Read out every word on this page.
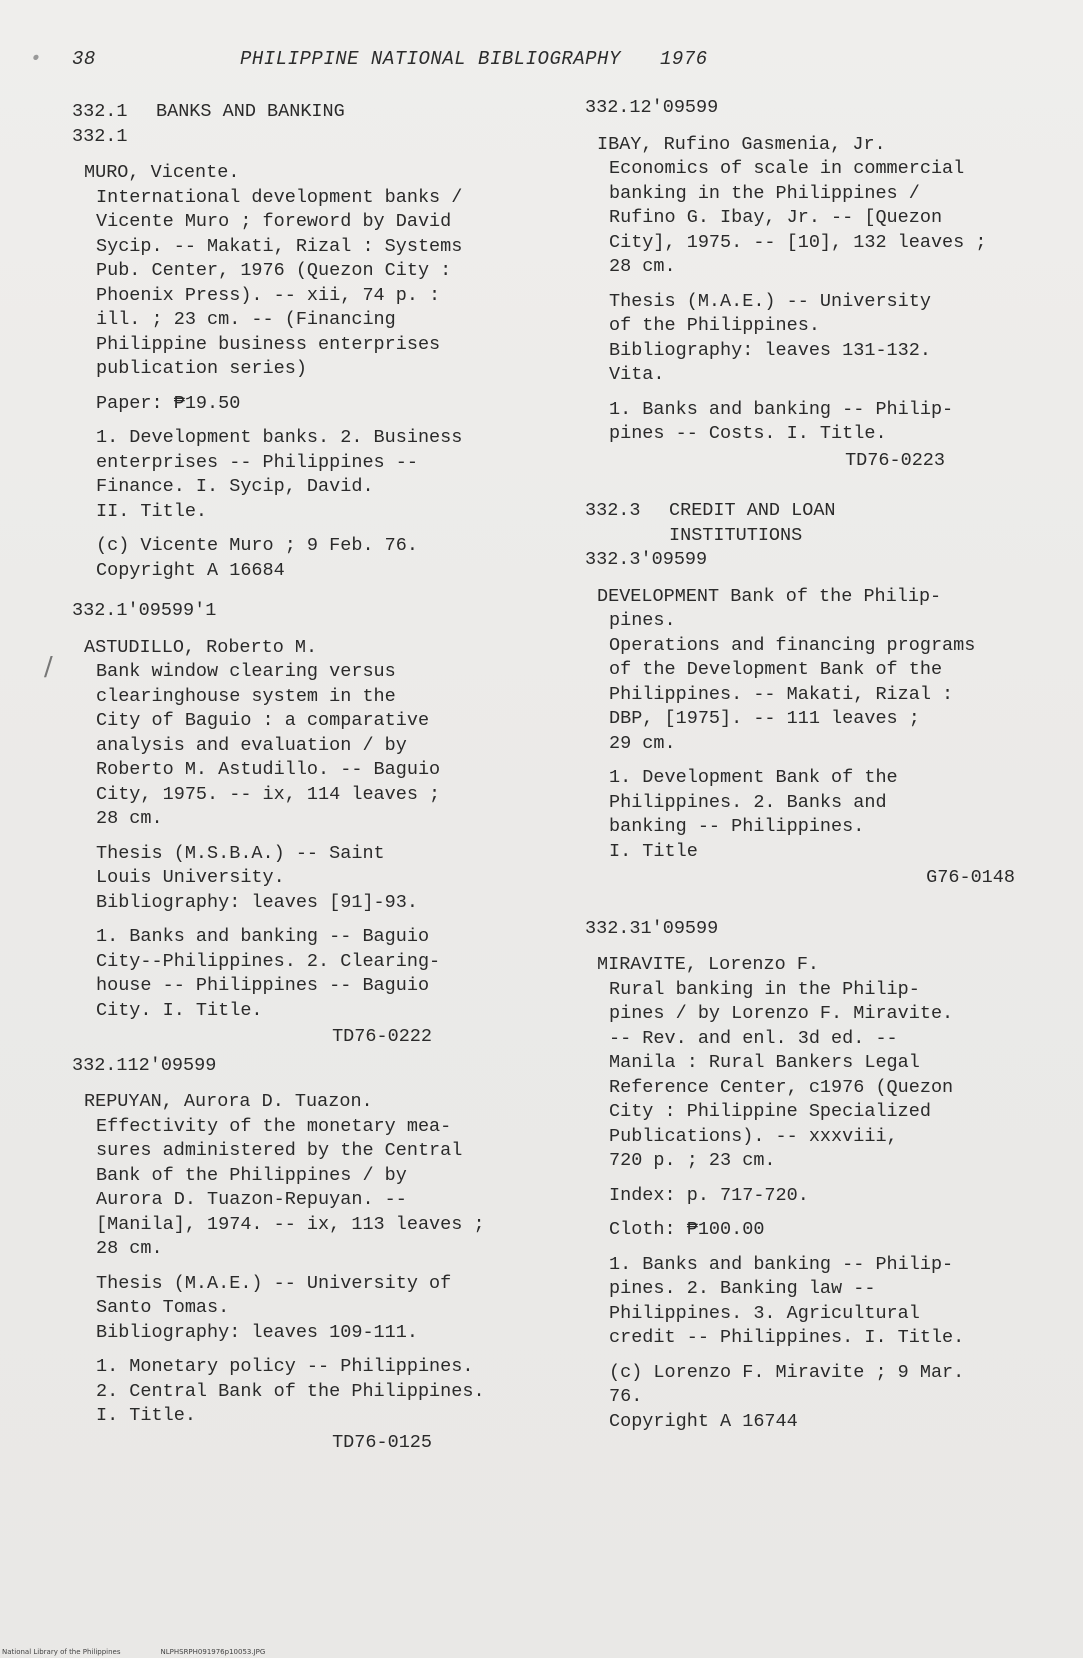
• 38	PHILIPPINE NATIONAL BIBLIOGRAPHY 1976
/
332.1 BANKS AND BANKING
332.1
MURO, Vicente.
International development banks /
Vicente Muro ; foreword by David
Sycip. -- Makati, Rizal : Systems
Pub. Center, 1976 (Quezon City :
Phoenix Press). -- xii, 74 p. :
ill. ; 23 cm. -- (Financing
Philippine business enterprises
publication series)
Paper: ₱19.50
1. Development banks. 2. Business
enterprises -- Philippines --
Finance. I. Sycip, David.
II. Title.
(c) Vicente Muro ; 9 Feb. 76.
Copyright A 16684
332.1'09599'1
ASTUDILLO, Roberto M.
Bank window clearing versus
clearinghouse system in the
City of Baguio : a comparative
analysis and evaluation / by
Roberto M. Astudillo. -- Baguio
City, 1975. -- ix, 114 leaves ;
28 cm.
Thesis (M.S.B.A.) -- Saint
Louis University.
Bibliography: leaves [91]-93.
1. Banks and banking -- Baguio
City--Philippines. 2. Clearing-
house -- Philippines -- Baguio
City. I. Title.
TD76-0222
332.112'09599
REPUYAN, Aurora D. Tuazon.
Effectivity of the monetary mea-
sures administered by the Central
Bank of the Philippines / by
Aurora D. Tuazon-Repuyan. --
[Manila], 1974. -- ix, 113 leaves ;
28 cm.
Thesis (M.A.E.) -- University of
Santo Tomas.
Bibliography: leaves 109-111.
1. Monetary policy -- Philippines.
2. Central Bank of the Philippines.
I. Title.
TD76-0125
332.12'09599
IBAY, Rufino Gasmenia, Jr.
Economics of scale in commercial
banking in the Philippines /
Rufino G. Ibay, Jr. -- [Quezon
City], 1975. -- [10], 132 leaves ;
28 cm.
Thesis (M.A.E.) -- University
of the Philippines.
Bibliography: leaves 131-132.
Vita.
1. Banks and banking -- Philip-
pines -- Costs. I. Title.
TD76-0223
332.3 CREDIT AND LOAN
INSTITUTIONS
332.3'09599
DEVELOPMENT Bank of the Philip-
pines.
Operations and financing programs
of the Development Bank of the
Philippines. -- Makati, Rizal :
DBP, [1975]. -- 111 leaves ;
29 cm.
1. Development Bank of the
Philippines. 2. Banks and
banking -- Philippines.
I. Title
G76-0148
332.31'09599
MIRAVITE, Lorenzo F.
Rural banking in the Philip-
pines / by Lorenzo F. Miravite.
-- Rev. and enl. 3d ed. --
Manila : Rural Bankers Legal
Reference Center, c1976 (Quezon
City : Philippine Specialized
Publications). -- xxxviii,
720 p. ; 23 cm.
Index: p. 717-720.
Cloth: ₱100.00
1. Banks and banking -- Philip-
pines. 2. Banking law --
Philippines. 3. Agricultural
credit -- Philippines. I. Title.
(c) Lorenzo F. Miravite ; 9 Mar.
76.
Copyright A 16744
National Library of the Philippines	NLPHSRPH091976p10053.JPG
